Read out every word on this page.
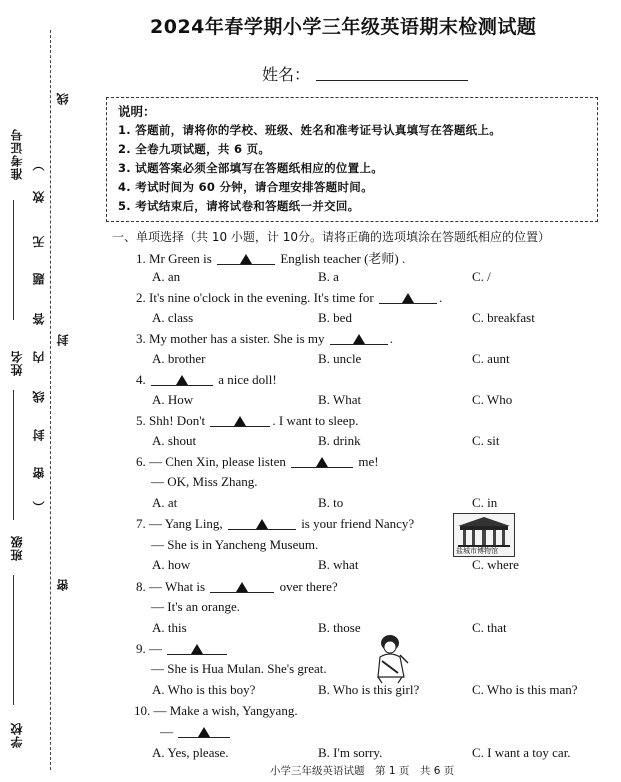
准考证号
姓名
班级
学校
线
）
效
无
题
答
内
封
线
封
密
（
密
2024年春学期小学三年级英语期末检测试题
姓名：
说明：
1. 答题前，请将你的学校、班级、姓名和准考证号认真填写在答题纸上。
2. 全卷九项试题，共 6 页。
3. 试题答案必须全部填写在答题纸相应的位置上。
4. 考试时间为 60 分钟，请合理安排答题时间。
5. 考试结束后，请将试卷和答题纸一并交回。
一、单项选择（共 10 小题，计 10分。请将正确的选项填涂在答题纸相应的位置）
1. Mr Green is	English teacher (老师) .
A. an	B. a	C. /
2. It's nine o'clock in the evening. It's time for	.
A. class	B. bed	C. breakfast
3. My mother has a sister. She is my	.
A. brother	B. uncle	C. aunt
4.	a nice doll!
A. How	B. What	C. Who
5. Shh! Don't	. I want to sleep.
A. shout	B. drink	C. sit
6. — Chen Xin, please listen	me!
— OK, Miss Zhang.
A. at	B. to	C. in
7. — Yang Ling,	is your friend Nancy?
— She is in Yancheng Museum.
A. how	B. what	C. where
盐城市博物馆
8. — What is	over there?
— It's an orange.
A. this	B. those	C. that
9. —
— She is Hua Mulan. She's great.
A. Who is this boy?	B. Who is this girl?	C. Who is this man?
10. — Make a wish, Yangyang.
—
A. Yes, please.	B. I'm sorry.	C. I want a toy car.
小学三年级英语试题　第 1 页　共 6 页
